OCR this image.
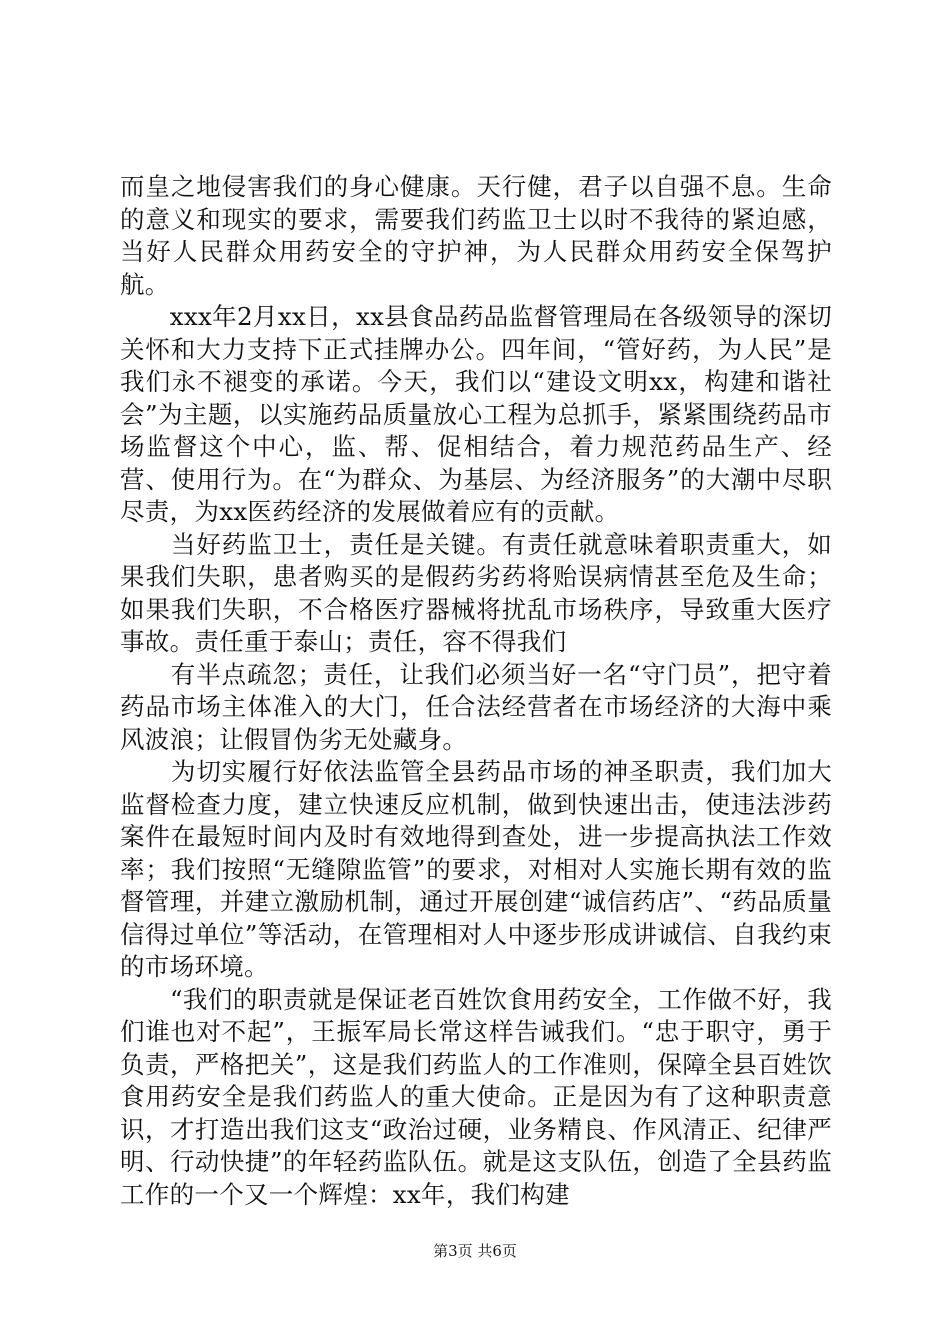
而皇之地侵害我们的身心健康。天行健，君子以自强不息。生命的意义和现实的要求，需要我们药监卫士以时不我待的紧迫感，当好人民群众用药安全的守护神，为人民群众用药安全保驾护航。

　　xxx年2月xx日，xx县食品药品监督管理局在各级领导的深切关怀和大力支持下正式挂牌办公。四年间，“管好药，为人民”是我们永不褪变的承诺。今天，我们以“建设文明xx，构建和谐社会”为主题，以实施药品质量放心工程为总抓手，紧紧围绕药品市场监督这个中心，监、帮、促相结合，着力规范药品生产、经营、使用行为。在“为群众、为基层、为经济服务”的大潮中尽职尽责，为xx医药经济的发展做着应有的贡献。

　　当好药监卫士，责任是关键。有责任就意味着职责重大，如果我们失职，患者购买的是假药劣药将贻误病情甚至危及生命；如果我们失职，不合格医疗器械将扰乱市场秩序，导致重大医疗事故。责任重于泰山；责任，容不得我们

　　有半点疏忽；责任，让我们必须当好一名“守门员”，把守着药品市场主体准入的大门，任合法经营者在市场经济的大海中乘风波浪；让假冒伪劣无处藏身。

　　为切实履行好依法监管全县药品市场的神圣职责，我们加大监督检查力度，建立快速反应机制，做到快速出击，使违法涉药案件在最短时间内及时有效地得到查处，进一步提高执法工作效率；我们按照“无缝隙监管”的要求，对相对人实施长期有效的监督管理，并建立激励机制，通过开展创建“诚信药店”、“药品质量信得过单位”等活动，在管理相对人中逐步形成讲诚信、自我约束的市场环境。

　　“我们的职责就是保证老百姓饮食用药安全，工作做不好，我们谁也对不起”，王振军局长常这样告诫我们。“忠于职守，勇于负责，严格把关”，这是我们药监人的工作准则，保障全县百姓饮食用药安全是我们药监人的重大使命。正是因为有了这种职责意识，才打造出我们这支“政治过硬，业务精良、作风清正、纪律严明、行动快捷”的年轻药监队伍。就是这支队伍，创造了全县药监工作的一个又一个辉煌：xx年，我们构建

第3页 共6页
